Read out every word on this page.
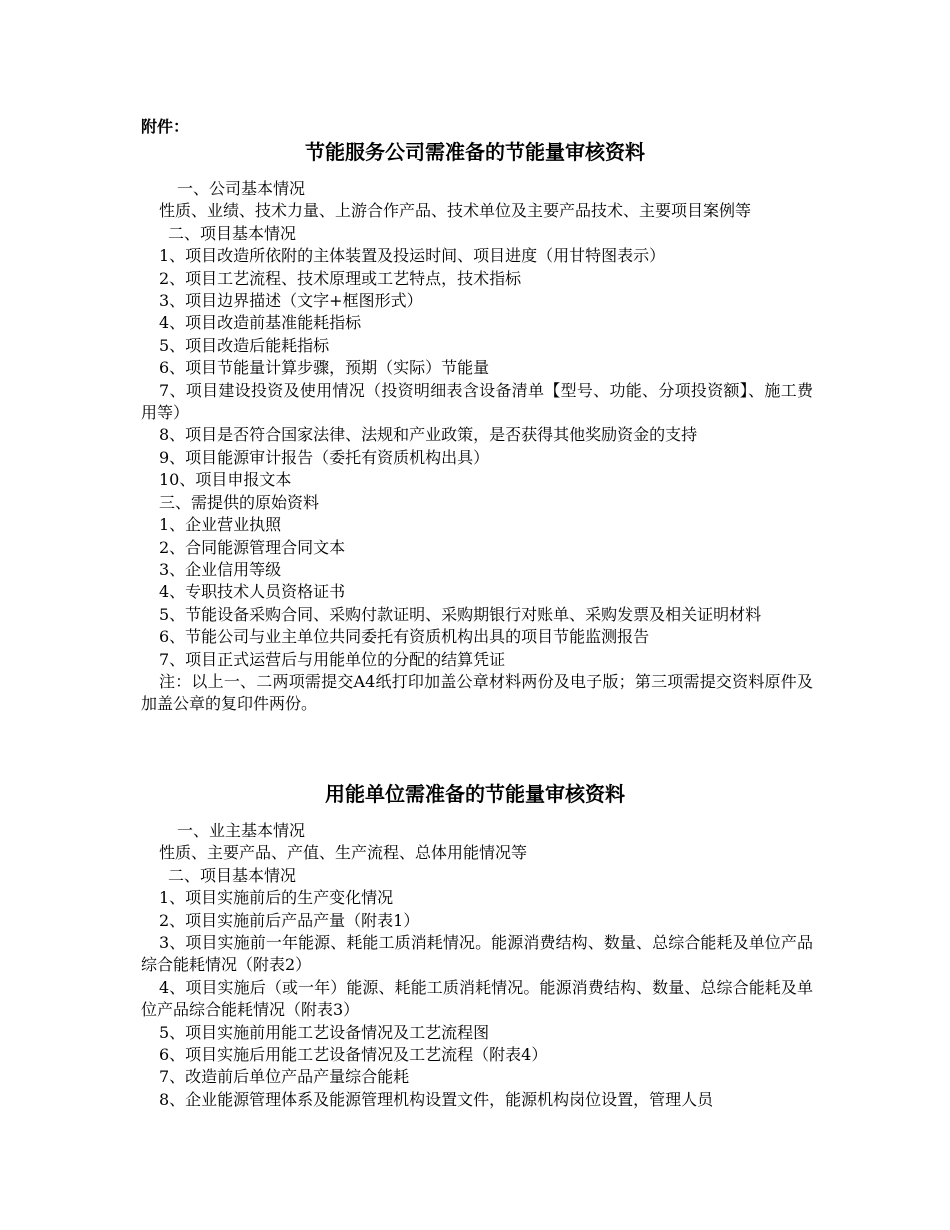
附件：
节能服务公司需准备的节能量审核资料

一、公司基本情况

性质、业绩、技术力量、上游合作产品、技术单位及主要产品技术、主要项目案例等

二、项目基本情况

1、项目改造所依附的主体装置及投运时间、项目进度（用甘特图表示）

2、项目工艺流程、技术原理或工艺特点，技术指标

3、项目边界描述（文字+框图形式）

4、项目改造前基准能耗指标

5、项目改造后能耗指标

6、项目节能量计算步骤，预期（实际）节能量

7、项目建设投资及使用情况（投资明细表含设备清单【型号、功能、分项投资额】、施工费用等）

8、项目是否符合国家法律、法规和产业政策，是否获得其他奖励资金的支持

9、项目能源审计报告（委托有资质机构出具）

10、项目申报文本

三、需提供的原始资料

1、企业营业执照

2、合同能源管理合同文本

3、企业信用等级

4、专职技术人员资格证书

5、节能设备采购合同、采购付款证明、采购期银行对账单、采购发票及相关证明材料

6、节能公司与业主单位共同委托有资质机构出具的项目节能监测报告

7、项目正式运营后与用能单位的分配的结算凭证

注：以上一、二两项需提交A4纸打印加盖公章材料两份及电子版；第三项需提交资料原件及加盖公章的复印件两份。

用能单位需准备的节能量审核资料

一、业主基本情况

性质、主要产品、产值、生产流程、总体用能情况等

二、项目基本情况

1、项目实施前后的生产变化情况

2、项目实施前后产品产量（附表1）

3、项目实施前一年能源、耗能工质消耗情况。能源消费结构、数量、总综合能耗及单位产品综合能耗情况（附表2）

4、项目实施后（或一年）能源、耗能工质消耗情况。能源消费结构、数量、总综合能耗及单位产品综合能耗情况（附表3）

5、项目实施前用能工艺设备情况及工艺流程图

6、项目实施后用能工艺设备情况及工艺流程（附表4）

7、改造前后单位产品产量综合能耗

8、企业能源管理体系及能源管理机构设置文件，能源机构岗位设置，管理人员
